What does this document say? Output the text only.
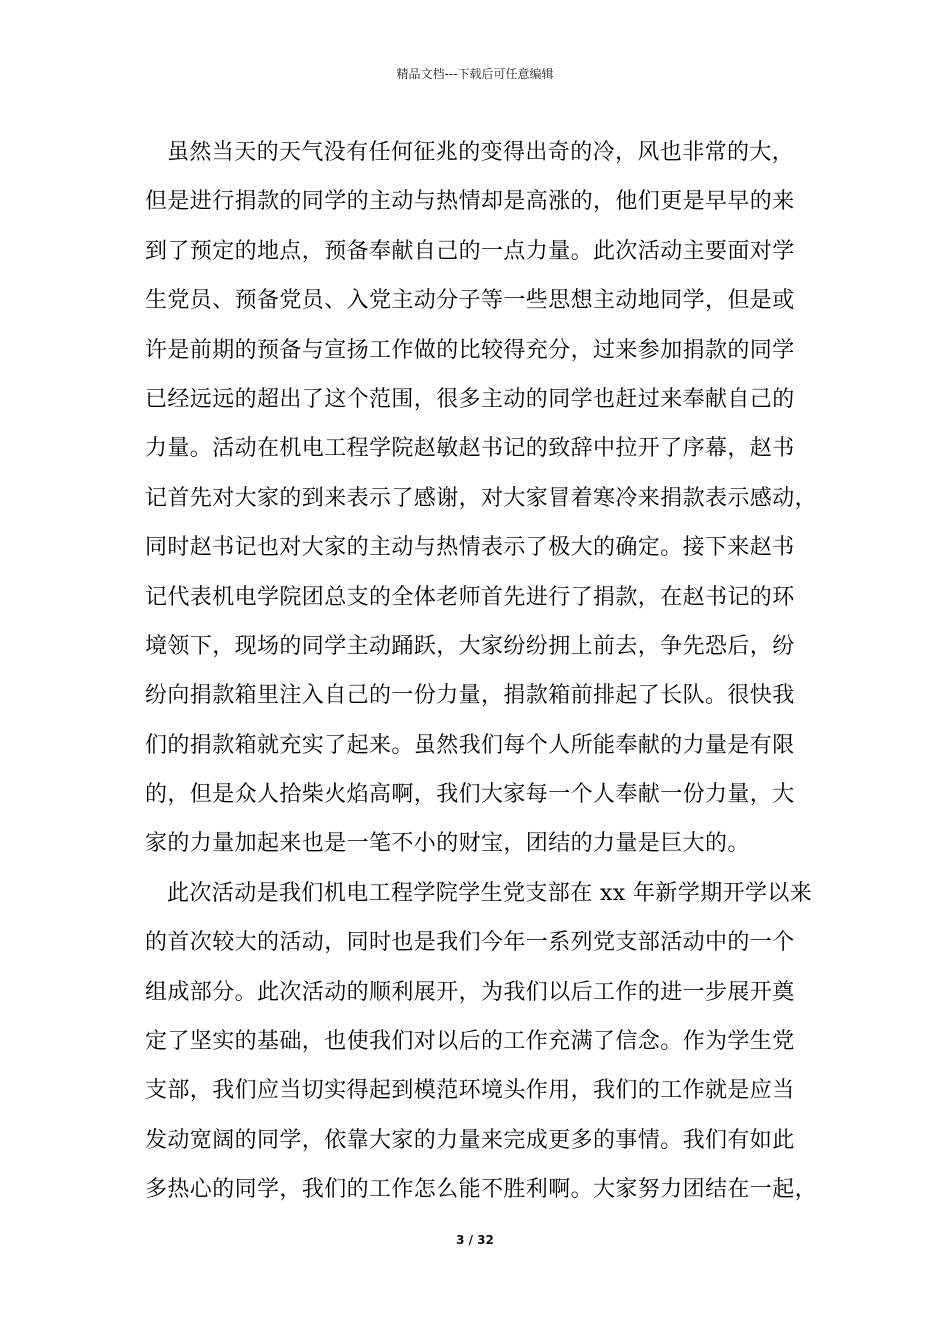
精品文档---下载后可任意编辑
虽然当天的天气没有任何征兆的变得出奇的冷，风也非常的大，
但是进行捐款的同学的主动与热情却是高涨的，他们更是早早的来
到了预定的地点，预备奉献自己的一点力量。此次活动主要面对学
生党员、预备党员、入党主动分子等一些思想主动地同学，但是或
许是前期的预备与宣扬工作做的比较得充分，过来参加捐款的同学
已经远远的超出了这个范围，很多主动的同学也赶过来奉献自己的
力量。活动在机电工程学院赵敏赵书记的致辞中拉开了序幕，赵书
记首先对大家的到来表示了感谢，对大家冒着寒冷来捐款表示感动，
同时赵书记也对大家的主动与热情表示了极大的确定。接下来赵书
记代表机电学院团总支的全体老师首先进行了捐款，在赵书记的环
境领下，现场的同学主动踊跃，大家纷纷拥上前去，争先恐后，纷
纷向捐款箱里注入自己的一份力量，捐款箱前排起了长队。很快我
们的捐款箱就充实了起来。虽然我们每个人所能奉献的力量是有限
的，但是众人拾柴火焰高啊，我们大家每一个人奉献一份力量，大
家的力量加起来也是一笔不小的财宝，团结的力量是巨大的。
此次活动是我们机电工程学院学生党支部在 xx 年新学期开学以来
的首次较大的活动，同时也是我们今年一系列党支部活动中的一个
组成部分。此次活动的顺利展开，为我们以后工作的进一步展开奠
定了坚实的基础，也使我们对以后的工作充满了信念。作为学生党
支部，我们应当切实得起到模范环境头作用，我们的工作就是应当
发动宽阔的同学，依靠大家的力量来完成更多的事情。我们有如此
多热心的同学，我们的工作怎么能不胜利啊。大家努力团结在一起，
3 / 32
